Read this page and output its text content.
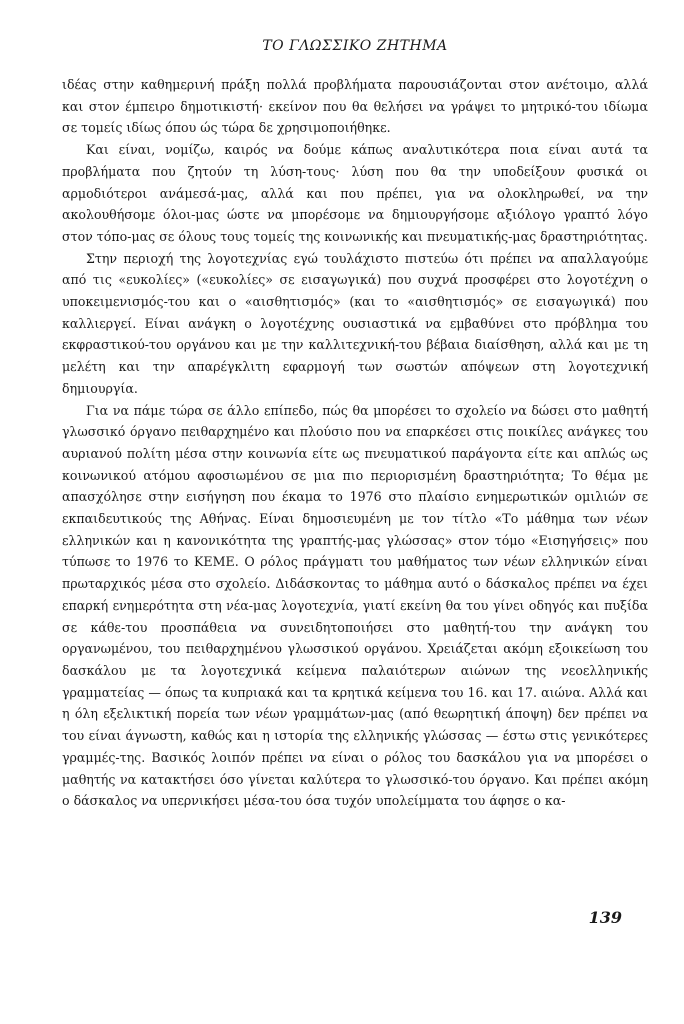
ΤΟ ΓΛΩΣΣΙΚΟ ΖΗΤΗΜΑ

ιδέας στην καθημερινή πράξη πολλά προβλήματα παρουσιάζονται στον ανέτοιμο, αλλά και στον έμπειρο δημοτικιστή· εκείνον που θα θελήσει να γράψει το μητρικό-του ιδίωμα σε τομείς ιδίως όπου ώς τώρα δε χρησιμοποιήθηκε.

Και είναι, νομίζω, καιρός να δούμε κάπως αναλυτικότερα ποια είναι αυτά τα προβλήματα που ζητούν τη λύση-τους· λύση που θα την υποδείξουν φυσικά οι αρμοδιότεροι ανάμεσά-μας, αλλά και που πρέπει, για να ολοκληρωθεί, να την ακολουθήσομε όλοι-μας ώστε να μπορέσομε να δημιουργήσομε αξιόλογο γραπτό λόγο στον τόπο-μας σε όλους τους τομείς της κοινωνικής και πνευματικής-μας δραστηριότητας.

Στην περιοχή της λογοτεχνίας εγώ τουλάχιστο πιστεύω ότι πρέπει να απαλλαγούμε από τις «ευκολίες» («ευκολίες» σε εισαγωγικά) που συχνά προσφέρει στο λογοτέχνη ο υποκειμενισμός-του και ο «αισθητισμός» (και το «αισθητισμός» σε εισαγωγικά) που καλλιεργεί. Είναι ανάγκη ο λογοτέχνης ουσιαστικά να εμβαθύνει στο πρόβλημα του εκφραστικού-του οργάνου και με την καλλιτεχνική-του βέβαια διαίσθηση, αλλά και με τη μελέτη και την απαρέγκλιτη εφαρμογή των σωστών απόψεων στη λογοτεχνική δημιουργία.

Για να πάμε τώρα σε άλλο επίπεδο, πώς θα μπορέσει το σχολείο να δώσει στο μαθητή γλωσσικό όργανο πειθαρχημένο και πλούσιο που να επαρκέσει στις ποικίλες ανάγκες του αυριανού πολίτη μέσα στην κοινωνία είτε ως πνευματικού παράγοντα είτε και απλώς ως κοινωνικού ατόμου αφοσιωμένου σε μια πιο περιορισμένη δραστηριότητα; Το θέμα με απασχόλησε στην εισήγηση που έκαμα το 1976 στο πλαίσιο ενημερωτικών ομιλιών σε εκπαιδευτικούς της Αθήνας. Είναι δημοσιευμένη με τον τίτλο «Το μάθημα των νέων ελληνικών και η κανονικότητα της γραπτής-μας γλώσσας» στον τόμο «Εισηγήσεις» που τύπωσε το 1976 το ΚΕΜΕ. Ο ρόλος πράγματι του μαθήματος των νέων ελληνικών είναι πρωταρχικός μέσα στο σχολείο. Διδάσκοντας το μάθημα αυτό ο δάσκαλος πρέπει να έχει επαρκή ενημερότητα στη νέα-μας λογοτεχνία, γιατί εκείνη θα του γίνει οδηγός και πυξίδα σε κάθε-του προσπάθεια να συνειδητοποιήσει στο μαθητή-του την ανάγκη του οργανωμένου, του πειθαρχημένου γλωσσικού οργάνου. Χρειάζεται ακόμη εξοικείωση του δασκάλου με τα λογοτεχνικά κείμενα παλαιότερων αιώνων της νεοελληνικής γραμματείας — όπως τα κυπριακά και τα κρητικά κείμενα του 16. και 17. αιώνα. Αλλά και η όλη εξελικτική πορεία των νέων γραμμάτων-μας (από θεωρητική άποψη) δεν πρέπει να του είναι άγνωστη, καθώς και η ιστορία της ελληνικής γλώσσας — έστω στις γενικότερες γραμμές-της. Βασικός λοιπόν πρέπει να είναι ο ρόλος του δασκάλου για να μπορέσει ο μαθητής να κατακτήσει όσο γίνεται καλύτερα το γλωσσικό-του όργανο. Και πρέπει ακόμη ο δάσκαλος να υπερνικήσει μέσα-του όσα τυχόν υπολείμματα του άφησε ο κα-

139
